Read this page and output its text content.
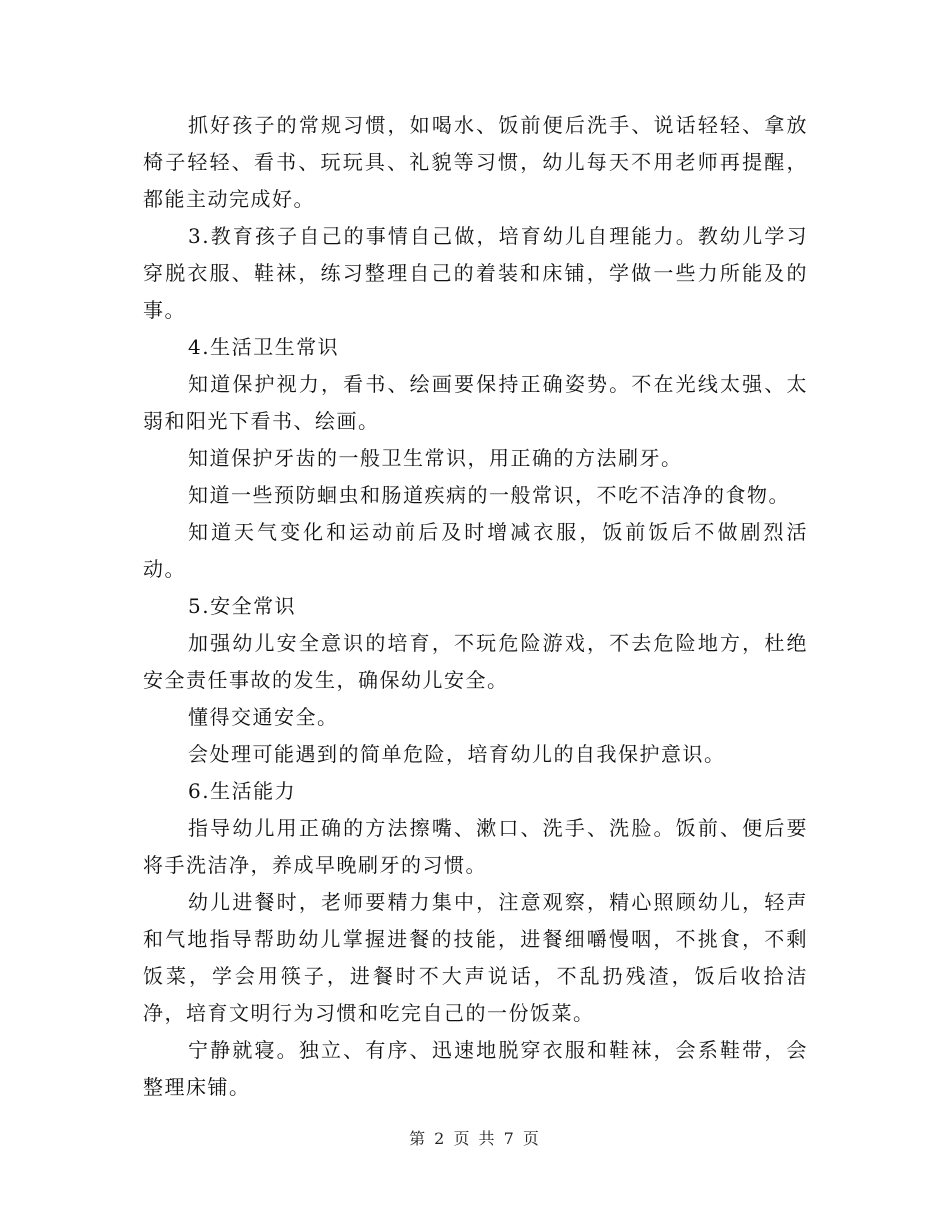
抓好孩子的常规习惯，如喝水、饭前便后洗手、说话轻轻、拿放椅子轻轻、看书、玩玩具、礼貌等习惯，幼儿每天不用老师再提醒，都能主动完成好。

3.教育孩子自己的事情自己做，培育幼儿自理能力。教幼儿学习穿脱衣服、鞋袜，练习整理自己的着装和床铺，学做一些力所能及的事。

4.生活卫生常识

知道保护视力，看书、绘画要保持正确姿势。不在光线太强、太弱和阳光下看书、绘画。

知道保护牙齿的一般卫生常识，用正确的方法刷牙。

知道一些预防蛔虫和肠道疾病的一般常识，不吃不洁净的食物。

知道天气变化和运动前后及时增减衣服，饭前饭后不做剧烈活动。

5.安全常识

加强幼儿安全意识的培育，不玩危险游戏，不去危险地方，杜绝安全责任事故的发生，确保幼儿安全。

懂得交通安全。

会处理可能遇到的简单危险，培育幼儿的自我保护意识。

6.生活能力

指导幼儿用正确的方法擦嘴、漱口、洗手、洗脸。饭前、便后要将手洗洁净，养成早晚刷牙的习惯。

幼儿进餐时，老师要精力集中，注意观察，精心照顾幼儿，轻声和气地指导帮助幼儿掌握进餐的技能，进餐细嚼慢咽，不挑食，不剩饭菜，学会用筷子，进餐时不大声说话，不乱扔残渣，饭后收拾洁净，培育文明行为习惯和吃完自己的一份饭菜。

宁静就寝。独立、有序、迅速地脱穿衣服和鞋袜，会系鞋带，会整理床铺。

第 2 页 共 7 页
